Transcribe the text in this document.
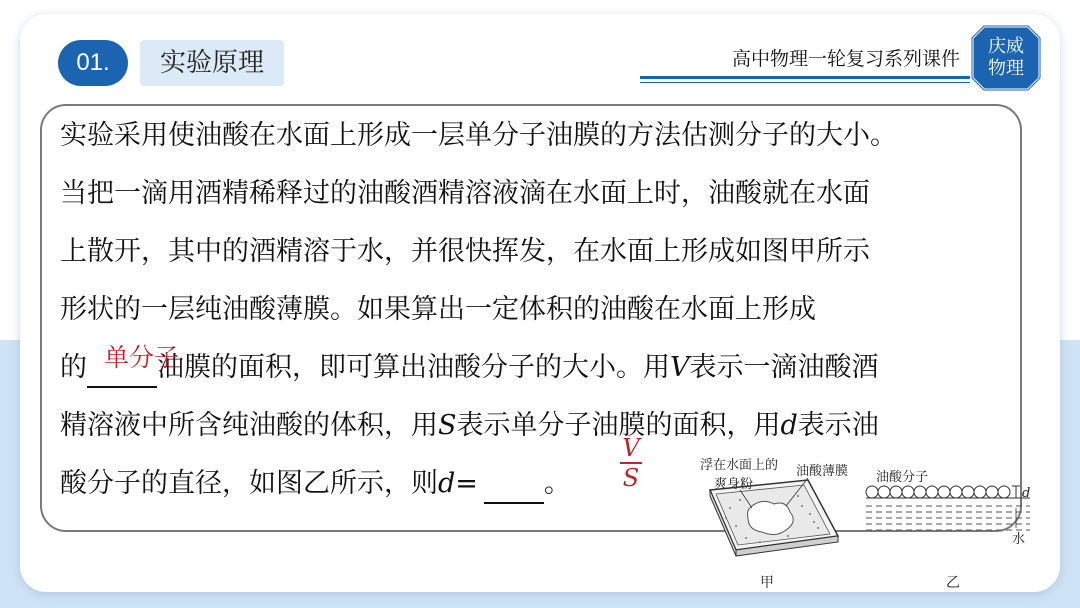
01.	实验原理	高中物理一轮复习系列课件
庆威
物理
实验采用使油酸在水面上形成一层单分子油膜的方法估测分子的大小。
当把一滴用酒精稀释过的油酸酒精溶液滴在水面上时，油酸就在水面
上散开，其中的酒精溶于水，并很快挥发，在水面上形成如图甲所示
形状的一层纯油酸薄膜。如果算出一定体积的油酸在水面上形成
的	油膜的面积，即可算出油酸分子的大小。用V表示一滴油酸酒
单分子
精溶液中所含纯油酸的体积，用S表示单分子油膜的面积，用d表示油
酸分子的直径，如图乙所示，则d= 。
V
S	浮在水面上的
爽身粉
油酸薄膜
甲
油酸分子
d
水
乙
